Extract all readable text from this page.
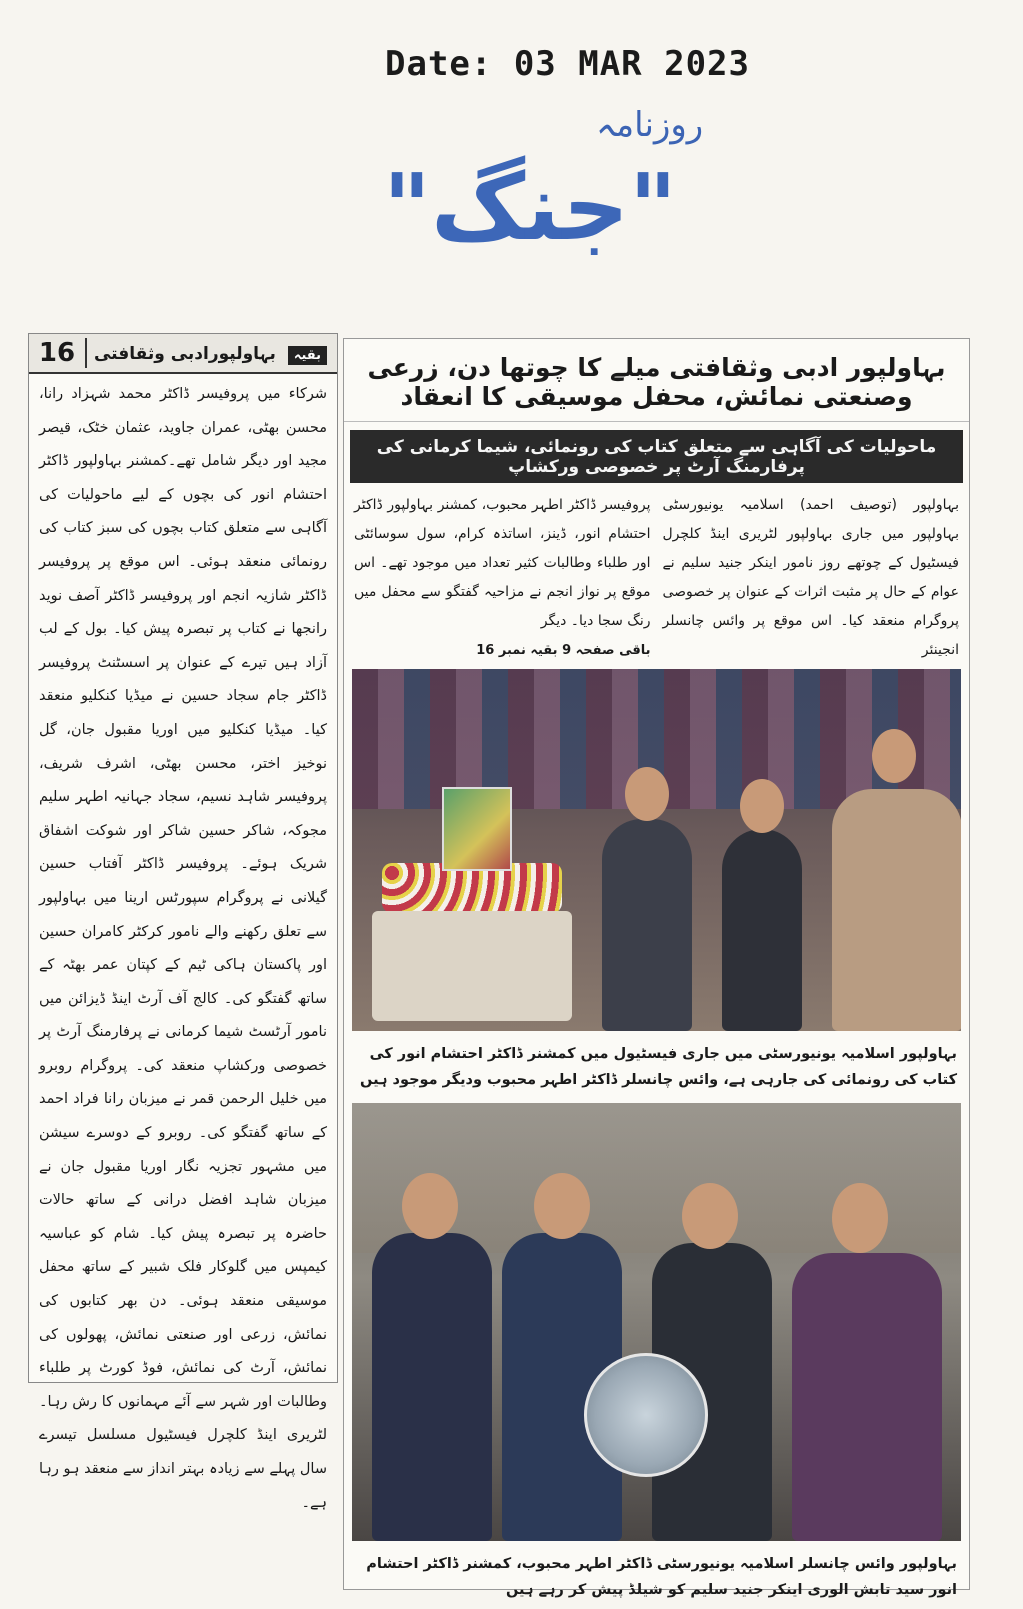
Date: 03 MAR 2023
روزنامہ
"جنگ"
16	بقیہ بہاولپورادبی وثقافتی
شرکاء میں پروفیسر ڈاکٹر محمد شہزاد رانا، محسن بھٹی، عمران جاوید، عثمان خٹک، قیصر مجید اور دیگر شامل تھے۔کمشنر بہاولپور ڈاکٹر احتشام انور کی بچوں کے لیے ماحولیات کی آگاہی سے متعلق کتاب بچوں کی سبز کتاب کی رونمائی منعقد ہوئی۔ اس موقع پر پروفیسر ڈاکٹر شازیہ انجم اور پروفیسر ڈاکٹر آصف نوید رانجھا نے کتاب پر تبصرہ پیش کیا۔ بول کے لب آزاد ہیں تیرے کے عنوان پر اسسٹنٹ پروفیسر ڈاکٹر جام سجاد حسین نے میڈیا کنکلیو منعقد کیا۔ میڈیا کنکلیو میں اوریا مقبول جان، گل نوخیز اختر، محسن بھٹی، اشرف شریف، پروفیسر شاہد نسیم، سجاد جہانیہ اطہر سلیم مجوکہ، شاکر حسین شاکر اور شوکت اشفاق شریک ہوئے۔ پروفیسر ڈاکٹر آفتاب حسین گیلانی نے پروگرام سپورٹس ارینا میں بہاولپور سے تعلق رکھنے والے نامور کرکٹر کامران حسین اور پاکستان ہاکی ٹیم کے کپتان عمر بھٹہ کے ساتھ گفتگو کی۔ کالج آف آرٹ اینڈ ڈیزائن میں نامور آرٹسٹ شیما کرمانی نے پرفارمنگ آرٹ پر خصوصی ورکشاپ منعقد کی۔ پروگرام روبرو میں خلیل الرحمن قمر نے میزبان رانا فراد احمد کے ساتھ گفتگو کی۔ روبرو کے دوسرے سیشن میں مشہور تجزیہ نگار اوریا مقبول جان نے میزبان شاہد افضل درانی کے ساتھ حالات حاضرہ پر تبصرہ پیش کیا۔ شام کو عباسیہ کیمپس میں گلوکار فلک شبیر کے ساتھ محفل موسیقی منعقد ہوئی۔ دن بھر کتابوں کی نمائش، زرعی اور صنعتی نمائش، پھولوں کی نمائش، آرٹ کی نمائش، فوڈ کورٹ پر طلباء وطالبات اور شہر سے آئے مہمانوں کا رش رہا۔ لٹریری اینڈ کلچرل فیسٹیول مسلسل تیسرے سال پہلے سے زیادہ بہتر انداز سے منعقد ہو رہا ہے۔
بہاولپور ادبی وثقافتی میلے کا چوتھا دن، زرعی وصنعتی نمائش، محفل موسیقی کا انعقاد
ماحولیات کی آگاہی سے متعلق کتاب کی رونمائی، شیما کرمانی کی پرفارمنگ آرٹ پر خصوصی ورکشاپ
بہاولپور (توصیف احمد) اسلامیہ یونیورسٹی بہاولپور میں جاری بہاولپور لٹریری اینڈ کلچرل فیسٹیول کے چوتھے روز نامور اینکر جنید سلیم نے عوام کے حال پر مثبت اثرات کے عنوان پر خصوصی پروگرام منعقد کیا۔ اس موقع پر وائس چانسلر انجینئر
پروفیسر ڈاکٹر اطہر محبوب، کمشنر بہاولپور ڈاکٹر احتشام انور، ڈینز، اساتذہ کرام، سول سوسائٹی اور طلباء وطالبات کثیر تعداد میں موجود تھے۔ اس موقع پر نواز انجم نے مزاحیہ گفتگو سے محفل میں رنگ سجا دیا۔ دیگر
باقی صفحہ 9 بقیہ نمبر 16
بہاولپور اسلامیہ یونیورسٹی میں جاری فیسٹیول میں کمشنر ڈاکٹر احتشام انور کی کتاب کی رونمائی کی جارہی ہے، وائس چانسلر ڈاکٹر اطہر محبوب ودیگر موجود ہیں
بہاولپور وائس چانسلر اسلامیہ یونیورسٹی ڈاکٹر اطہر محبوب، کمشنر ڈاکٹر احتشام انور سید تابش الوری اینکر جنید سلیم کو شیلڈ پیش کر رہے ہیں
